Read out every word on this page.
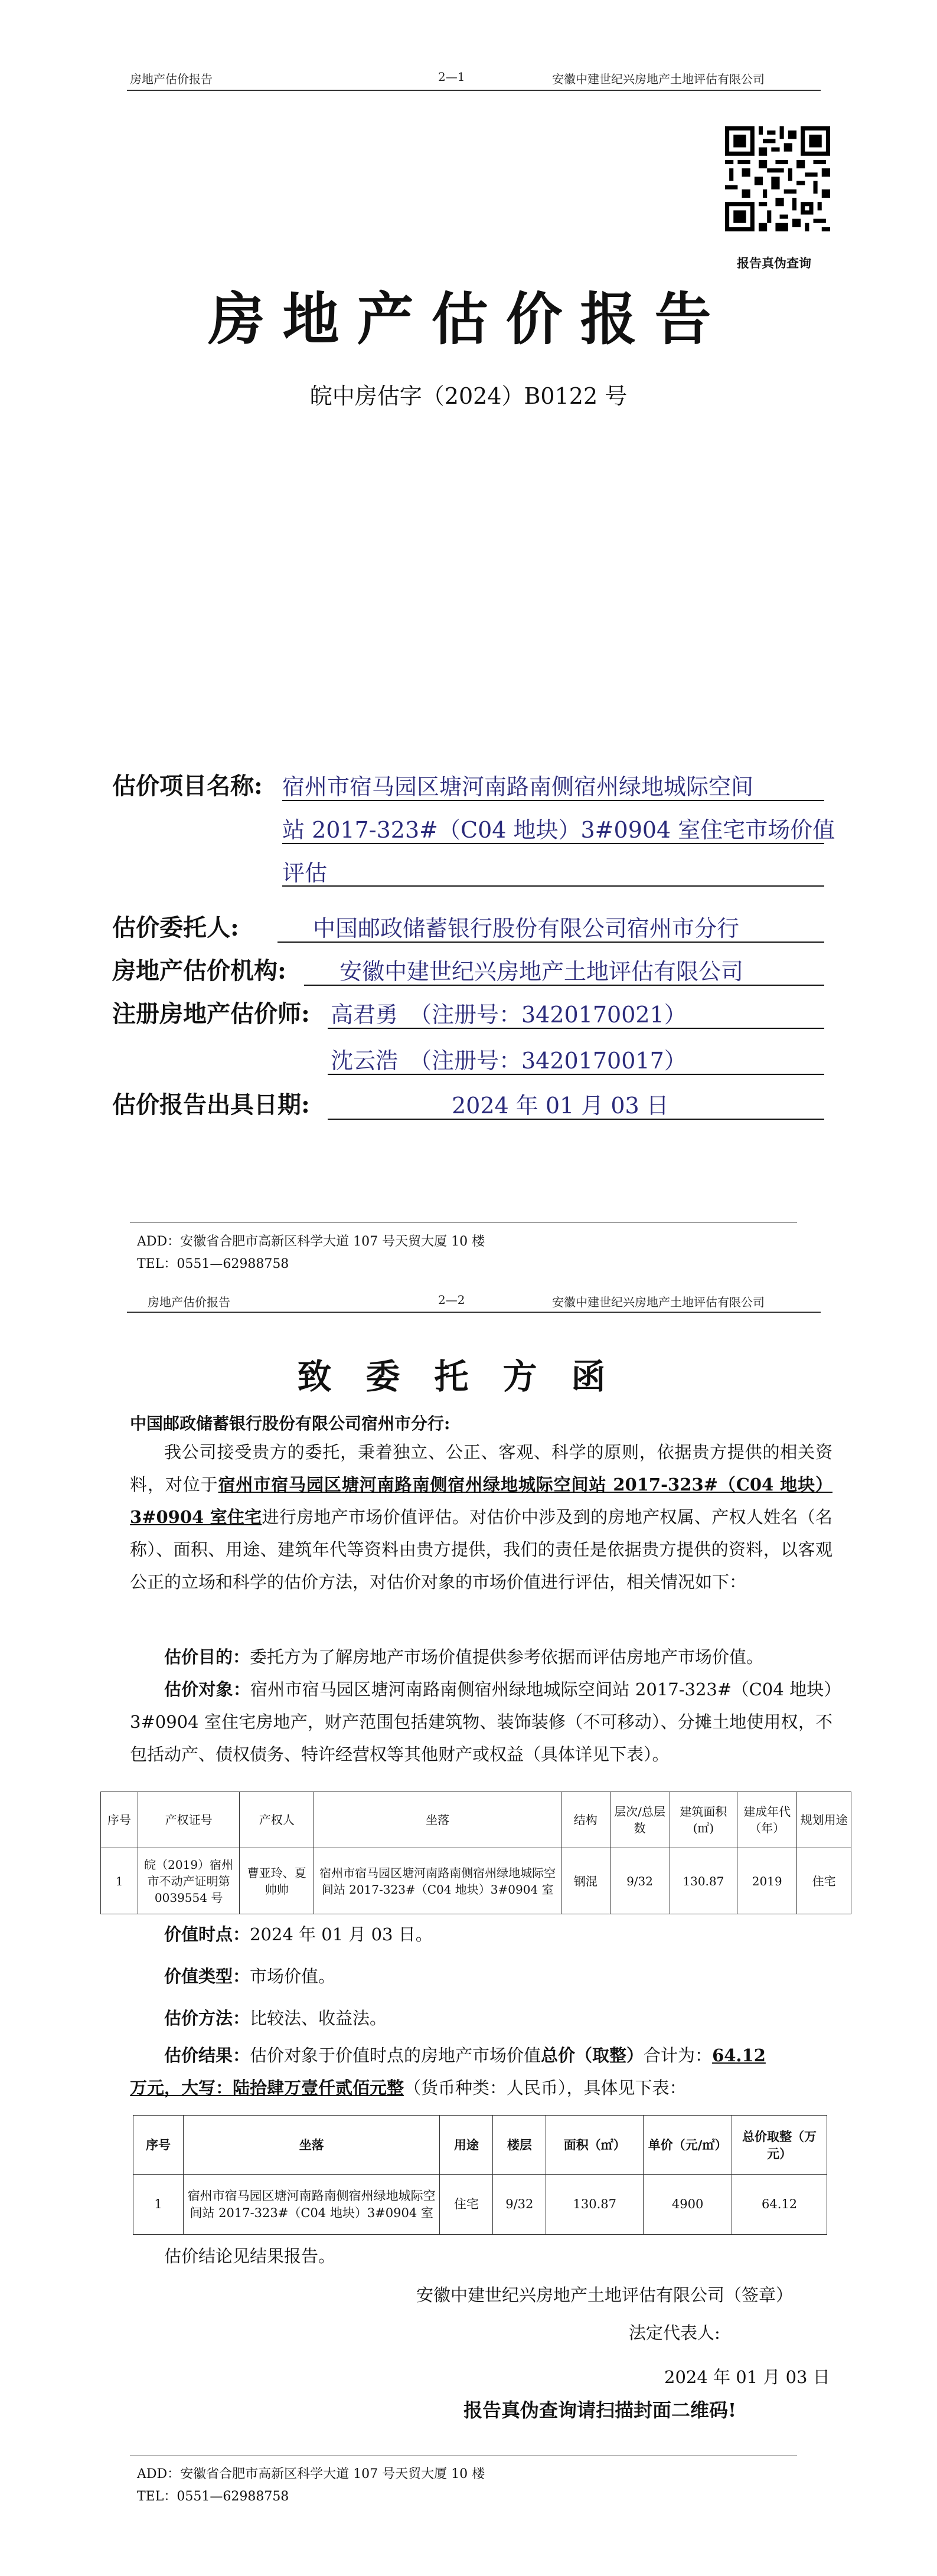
房地产估价报告	2—1	安徽中建世纪兴房地产土地评估有限公司
报告真伪查询
房地产估价报告
皖中房估字（2024）B0122 号
估价项目名称: 宿州市宿马园区塘河南路南侧宿州绿地城际空间
站 2017-323#（C04 地块）3#0904 室住宅市场价值
评估
估价委托人:	中国邮政储蓄银行股份有限公司宿州市分行
房地产估价机构: 安徽中建世纪兴房地产土地评估有限公司
注册房地产估价师: 高君勇　（注册号：3420170021）
沈云浩　（注册号：3420170017）
估价报告出具日期:	2024 年 01 月 03 日
ADD：安徽省合肥市高新区科学大道 107 号天贸大厦 10 楼
TEL：0551—62988758
房地产估价报告	2—2	安徽中建世纪兴房地产土地评估有限公司
致委托方函
中国邮政储蓄银行股份有限公司宿州市分行:

我公司接受贵方的委托，秉着独立、公正、客观、科学的原则，依据贵方提供的相关资料，对位于宿州市宿马园区塘河南路南侧宿州绿地城际空间站 2017-323#（C04 地块）3#0904 室住宅进行房地产市场价值评估。对估价中涉及到的房地产权属、产权人姓名（名称）、面积、用途、建筑年代等资料由贵方提供，我们的责任是依据贵方提供的资料，以客观公正的立场和科学的估价方法，对估价对象的市场价值进行评估，相关情况如下：

估价目的：委托方为了解房地产市场价值提供参考依据而评估房地产市场价值。

估价对象：宿州市宿马园区塘河南路南侧宿州绿地城际空间站 2017-323#（C04 地块）3#0904 室住宅房地产，财产范围包括建筑物、装饰装修（不可移动）、分摊土地使用权，不包括动产、债权债务、特许经营权等其他财产或权益（具体详见下表）。

序号	产权证号	产权人	坐落	结构	层次/总层数	建筑面积(㎡)	建成年代（年）	规划用途
1	皖（2019）宿州市不动产证明第 0039554 号	曹亚玲、夏帅帅	宿州市宿马园区塘河南路南侧宿州绿地城际空间站 2017-323#（C04 地块）3#0904 室	钢混	9/32	130.87	2019	住宅
价值时点：2024 年 01 月 03 日。
价值类型：市场价值。
估价方法：比较法、收益法。

估价结果：估价对象于价值时点的房地产市场价值总价（取整）合计为：64.12

万元，大写：陆拾肆万壹仟贰佰元整（货币种类：人民币），具体见下表：

序号	坐落	用途	楼层	面积（㎡）	单价（元/㎡）	总价取整（万元）
1	宿州市宿马园区塘河南路南侧宿州绿地城际空间站 2017-323#（C04 地块）3#0904 室	住宅	9/32	130.87	4900	64.12
估价结论见结果报告。
安徽中建世纪兴房地产土地评估有限公司（签章）
法定代表人:
2024 年 01 月 03 日
报告真伪查询请扫描封面二维码!
ADD：安徽省合肥市高新区科学大道 107 号天贸大厦 10 楼
TEL：0551—62988758
